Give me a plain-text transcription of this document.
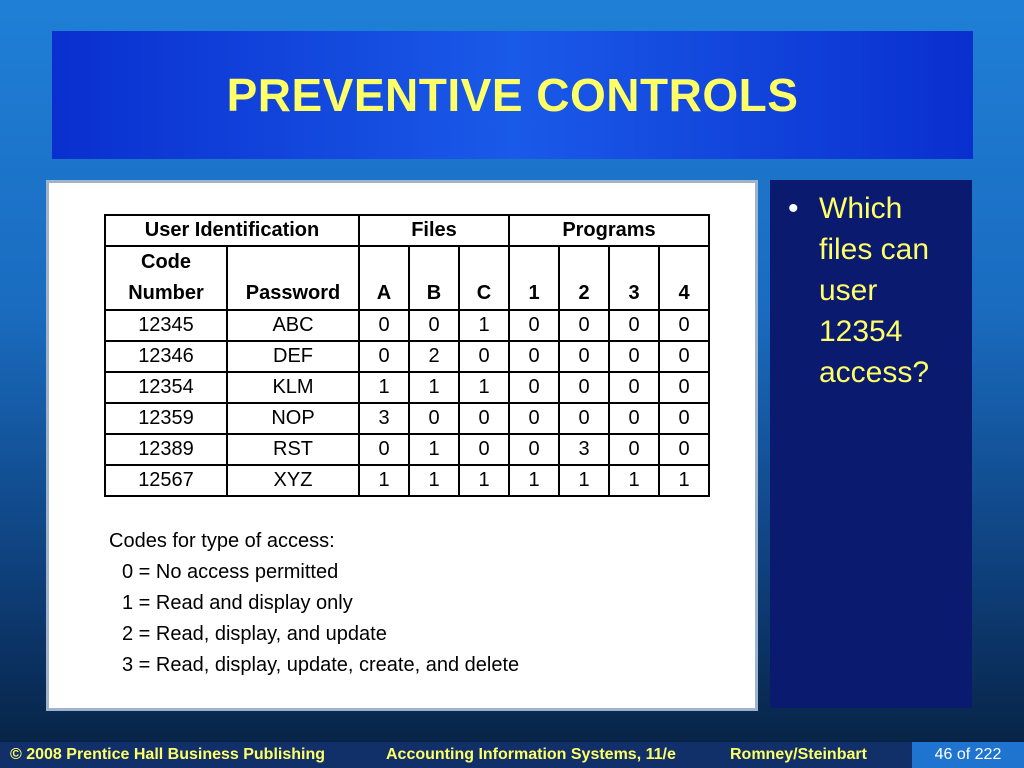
PREVENTIVE CONTROLS
User Identification		Files			Programs			
Code
Number	Password	A	B	C	1	2	3	4
12345	ABC	0	0	1	0	0	0	0
12346	DEF	0	2	0	0	0	0	0
12354	KLM	1	1	1	0	0	0	0
12359	NOP	3	0	0	0	0	0	0
12389	RST	0	1	0	0	3	0	0
12567	XYZ	1	1	1	1	1	1	1
Codes for type of access:
0 = No access permitted
1 = Read and display only
2 = Read, display, and update
3 = Read, display, update, create, and delete
• Which
files can
user
12354
access?
© 2008 Prentice Hall Business Publishing	Accounting Information Systems, 11/e	Romney/Steinbart	46 of 222
